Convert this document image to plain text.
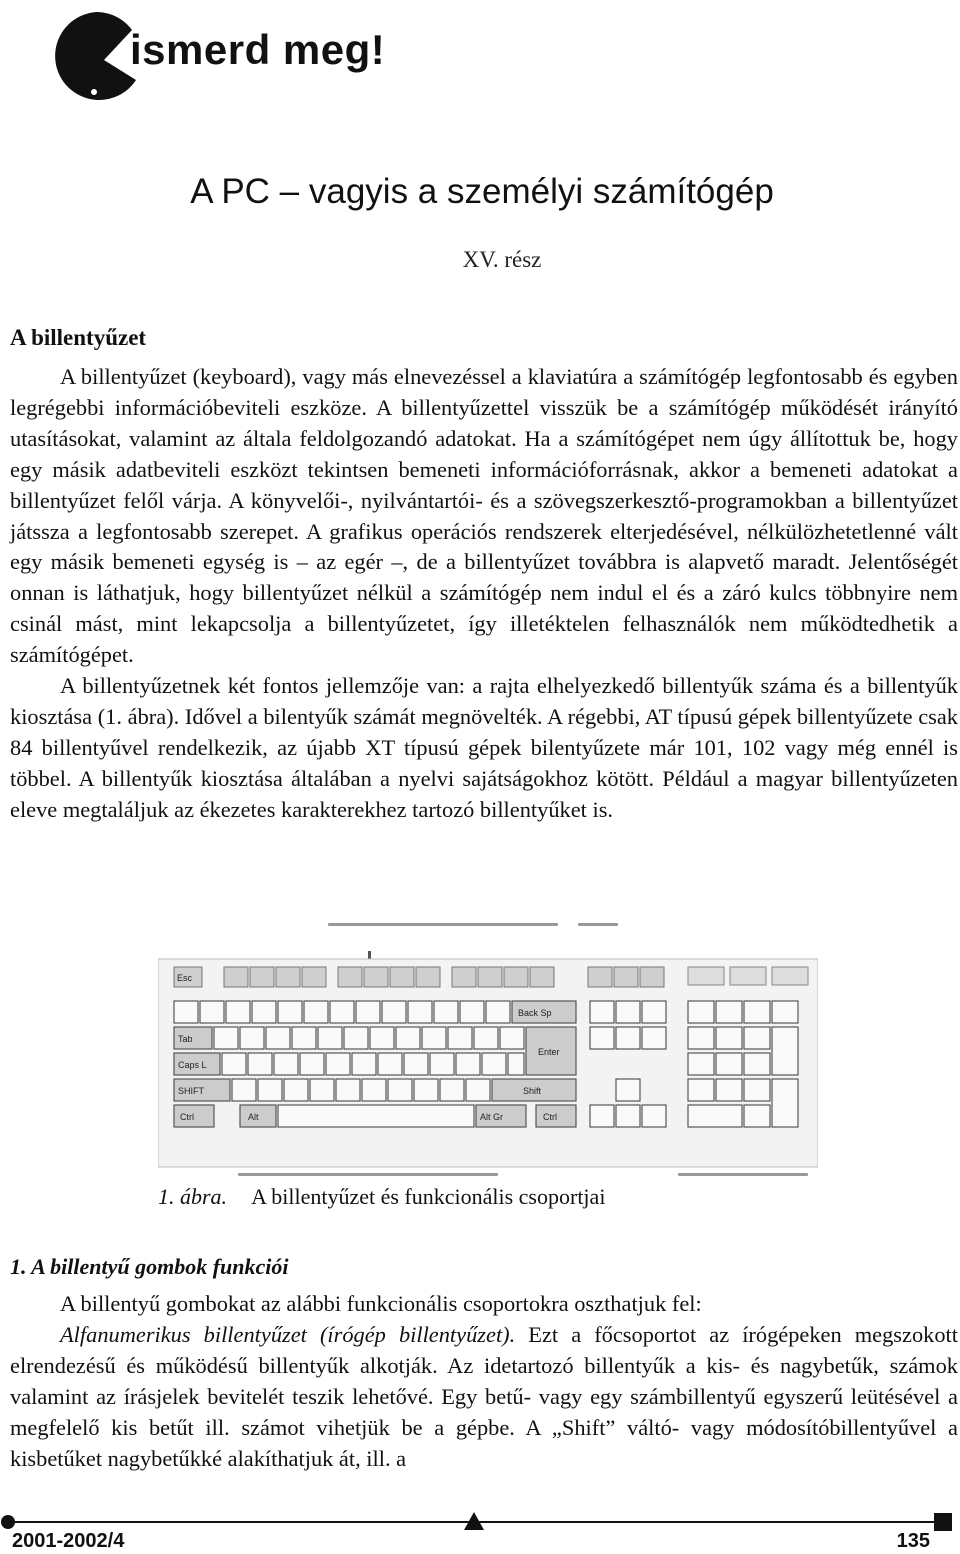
ismerd meg!
A PC – vagyis a személyi számítógép
XV. rész
A billentyűzet

A billentyűzet (keyboard), vagy más elnevezéssel a klaviatúra a számítógép legfontosabb és egyben legrégebbi információbeviteli eszköze. A billentyűzettel visszük be a számítógép működését irányító utasításokat, valamint az általa feldolgozandó adatokat. Ha a számítógépet nem úgy állítottuk be, hogy egy másik adatbeviteli eszközt tekintsen bemeneti információforrásnak, akkor a bemeneti adatokat a billentyűzet felől várja. A könyvelői-, nyilvántartói- és a szövegszerkesztő-programokban a billentyűzet játssza a legfontosabb szerepet. A grafikus operációs rendszerek elterjedésével, nélkülözhetetlenné vált egy másik bemeneti egység is – az egér –, de a billentyűzet továbbra is alapvető maradt. Jelentőségét onnan is láthatjuk, hogy billentyűzet nélkül a számítógép nem indul el és a záró kulcs többnyire nem csinál mást, mint lekapcsolja a billentyűzetet, így illetéktelen felhasználók nem működtedhetik a számítógépet.

A billentyűzetnek két fontos jellemzője van: a rajta elhelyezkedő billentyűk száma és a billentyűk kiosztása (1. ábra). Idővel a bilentyűk számát megnövelték. A régebbi, AT típusú gépek billentyűzete csak 84 billentyűvel rendelkezik, az újabb XT típusú gépek bilentyűzete már 101, 102 vagy még ennél is többel. A billentyűk kiosztása általában a nyelvi sajátságokhoz kötött. Például a magyar billentyűzeten eleve megtaláljuk az ékezetes karakterekhez tartozó billentyűket is.

Esc
Back Sp
Tab
Enter
Caps L
SHIFT	Shift
Ctrl	Alt	Alt Gr	Ctrl
1. ábra. A billentyűzet és funkcionális csoportjai
1. A billentyű gombok funkciói

A billentyű gombokat az alábbi funkcionális csoportokra oszthatjuk fel:

Alfanumerikus billentyűzet (írógép billentyűzet). Ezt a főcsoportot az írógépeken megszokott elrendezésű és működésű billentyűk alkotják. Az idetartozó billentyűk a kis- és nagybetűk, számok valamint az írásjelek bevitelét teszik lehetővé. Egy betű- vagy egy számbillentyű egyszerű leütésével a megfelelő kis betűt ill. számot vihetjük be a gépbe. A „Shift” váltó- vagy módosítóbillentyűvel a kisbetűket nagybetűkké alakíthatjuk át, ill. a

2001-2002/4	135
